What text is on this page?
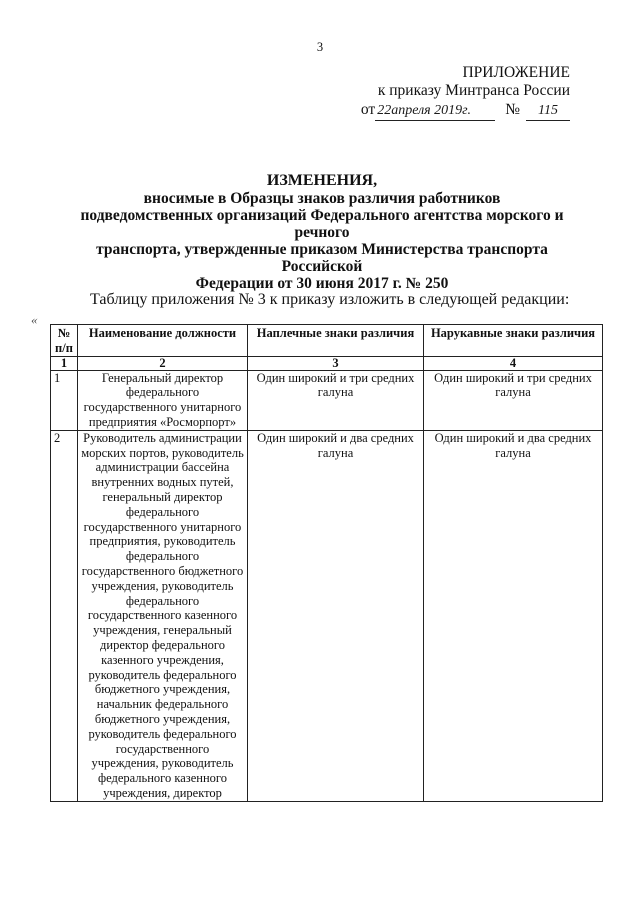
3
ПРИЛОЖЕНИЕ
к приказу Минтранса России
от 22апреля 2019г. № 115
ИЗМЕНЕНИЯ,
вносимые в Образцы знаков различия работников
подведомственных организаций Федерального агентства морского и речного
транспорта, утвержденные приказом Министерства транспорта Российской
Федерации от 30 июня 2017 г. № 250
Таблицу приложения № 3 к приказу изложить в следующей редакции:
«
№ п/п	Наименование должности	Наплечные знаки различия	Нарукавные знаки различия
1	2	3	4
1	Генеральный директор федерального государственного унитарного предприятия «Росморпорт»	Один широкий и три средних галуна	Один широкий и три средних галуна
2	Руководитель администрации морских портов, руководитель администрации бассейна внутренних водных путей, генеральный директор федерального государственного унитарного предприятия, руководитель федерального государственного бюджетного учреждения, руководитель федерального государственного казенного учреждения, генеральный директор федерального казенного учреждения, руководитель федерального бюджетного учреждения, начальник федерального бюджетного учреждения, руководитель федерального государственного учреждения, руководитель федерального казенного учреждения, директор	Один широкий и два средних галуна	Один широкий и два средних галуна
